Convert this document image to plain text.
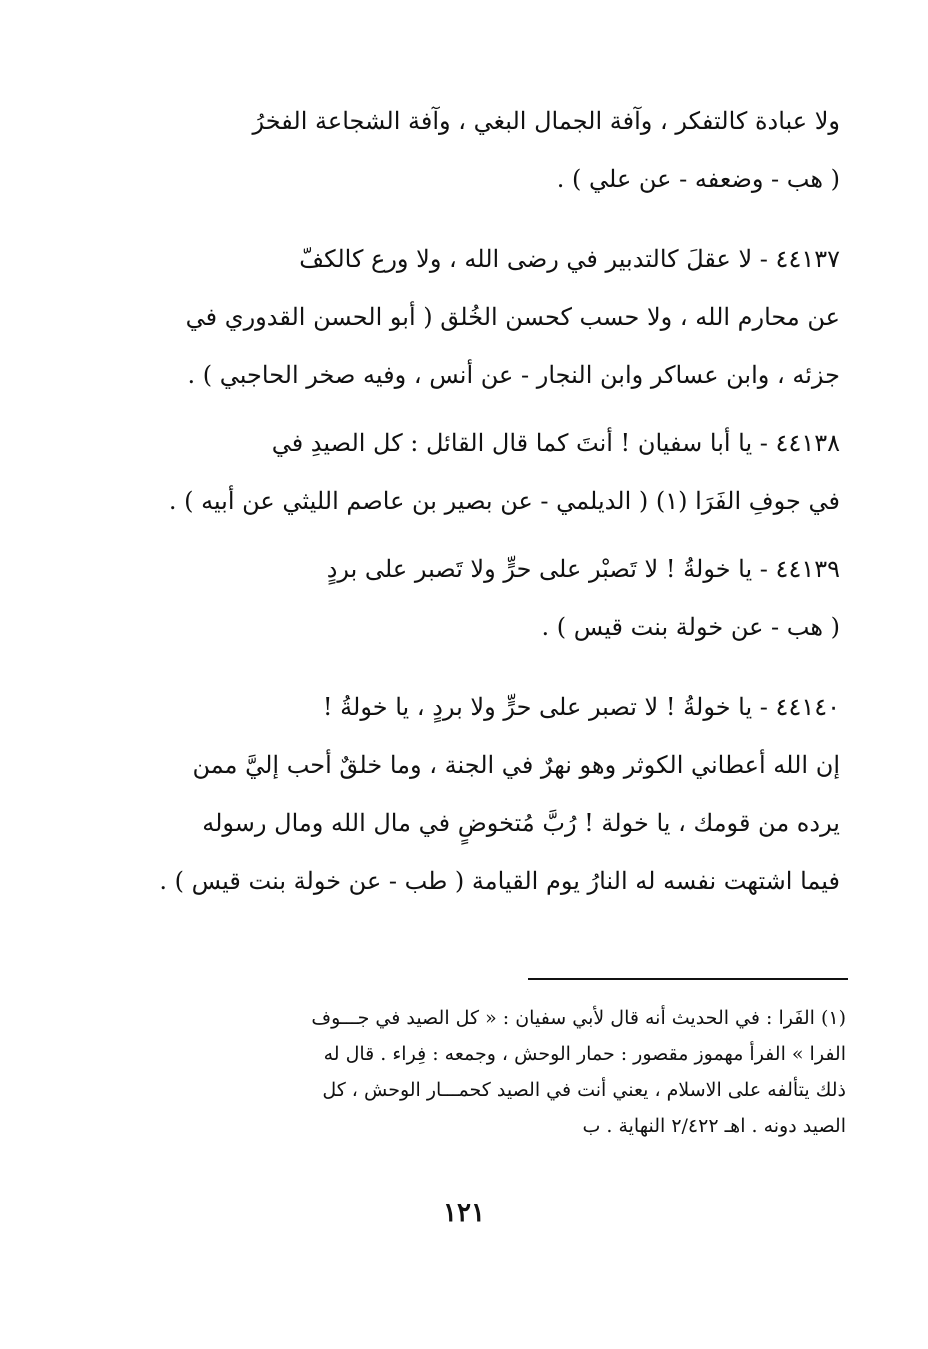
ولا عبادة كالتفكر ، وآفة الجمال البغي ، وآفة الشجاعة الفخرُ
( هب - وضعفه - عن علي ) .
٤٤١٣٧ - لا عقلَ كالتدبير في رضى الله ، ولا ورع كالكفّ
عن محارم الله ، ولا حسب كحسن الخُلق ( أبو الحسن القدوري في
جزئه ، وابن عساكر وابن النجار - عن أنس ، وفيه صخر الحاجبي ) .
٤٤١٣٨ - يا أبا سفيان ! أنتَ كما قال القائل : كل الصيدِ في
في جوفِ الفَرَا (١) ( الديلمي - عن بصير بن عاصم الليثي عن أبيه ) .
٤٤١٣٩ - يا خولةُ ! لا تَصبْر على حرٍّ ولا تَصبر على بردٍ
( هب - عن خولة بنت قيس ) .
٤٤١٤٠ - يا خولةُ ! لا تصبر على حرٍّ ولا بردٍ ، يا خولةُ !
إن الله أعطاني الكوثر وهو نهرٌ في الجنة ، وما خلقٌ أحب إليَّ ممن
يرده من قومك ، يا خولة ! رُبَّ مُتخوضٍ في مال الله ومال رسوله
فيما اشتهت نفسه له النارُ يوم القيامة ( طب - عن خولة بنت قيس ) .
(١) الفَرا : في الحديث أنه قال لأبي سفيان : « كل الصيد في جـــوف
الفرا » الفرأ مهموز مقصور : حمار الوحش ، وجمعه : فِراء . قال له
ذلك يتألفه على الاسلام ، يعني أنت في الصيد كحمـــار الوحش ، كل
الصيد دونه . اهـ ٢/٤٢٢ النهاية . ب
١٢١
